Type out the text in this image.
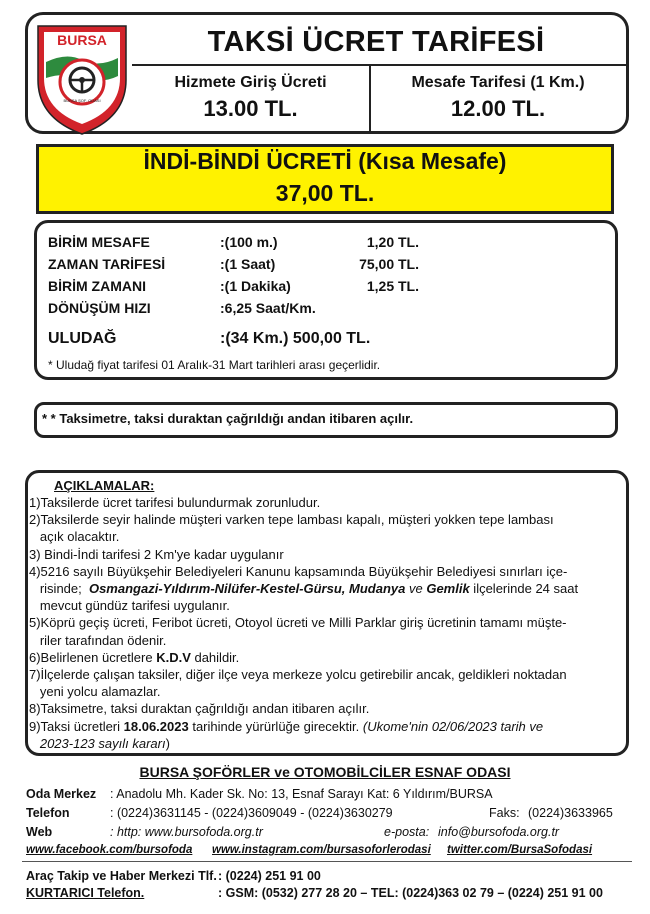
BURSA
BURSA ŞOF. ODASI
TAKSİ ÜCRET TARİFESİ
Hizmete Giriş Ücreti
13.00 TL.
Mesafe Tarifesi (1 Km.)
12.00 TL.
İNDİ-BİNDİ ÜCRETİ (Kısa Mesafe)
37,00 TL.
BİRİM MESAFE	:(100 m.)	1,20 TL.
ZAMAN TARİFESİ	:(1 Saat)	75,00 TL.
BİRİM ZAMANI	:(1 Dakika)	1,25 TL.
DÖNÜŞÜM HIZI	:6,25 Saat/Km.
ULUDAĞ	:(34 Km.) 500,00 TL.
* Uludağ fiyat tarifesi 01 Aralık-31 Mart tarihleri arası geçerlidir.
* * Taksimetre, taksi duraktan çağrıldığı andan itibaren açılır.
AÇIKLAMALAR:
1)Taksilerde ücret tarifesi bulundurmak zorunludur.
2)Taksilerde seyir halinde müşteri varken tepe lambası kapalı, müşteri yokken tepe lambası
açık olacaktır.
3) Bindi-İndi tarifesi 2 Km'ye kadar uygulanır
4)5216 sayılı Büyükşehir Belediyeleri Kanunu kapsamında Büyükşehir Belediyesi sınırları içe-
risinde;  Osmangazi-Yıldırım-Nilüfer-Kestel-Gürsu, Mudanya ve Gemlik ilçelerinde 24 saat
mevcut gündüz tarifesi uygulanır.
5)Köprü geçiş ücreti, Feribot ücreti, Otoyol ücreti ve Milli Parklar giriş ücretinin tamamı müşte-
riler tarafından ödenir.
6)Belirlenen ücretlere K.D.V dahildir.
7)İlçelerde çalışan taksiler, diğer ilçe veya merkeze yolcu getirebilir ancak, geldikleri noktadan
yeni yolcu alamazlar.
8)Taksimetre, taksi duraktan çağrıldığı andan itibaren açılır.
9)Taksi ücretleri 18.06.2023 tarihinde yürürlüğe girecektir. (Ukome'nin 02/06/2023 tarih ve
2023-123 sayılı kararı)
BURSA ŞOFÖRLER ve OTOMOBİLCİLER ESNAF ODASI
Oda Merkez : Anadolu Mh. Kader Sk. No: 13, Esnaf Sarayı Kat: 6 Yıldırım/BURSA
Telefon	: (0224)3631145 - (0224)3609049 - (0224)3630279	Faks: (0224)3633965
Web	: http: www.bursofoda.org.tr	e-posta: info@bursofoda.org.tr
www.facebook.com/bursofoda www.instagram.com/bursasoforlerodasi twitter.com/BursaSofodasi
Araç Takip ve Haber Merkezi Tlf. : (0224) 251 91 00
KURTARICI Telefon.	: GSM: (0532) 277 28 20 – TEL: (0224)363 02 79 – (0224) 251 91 00
